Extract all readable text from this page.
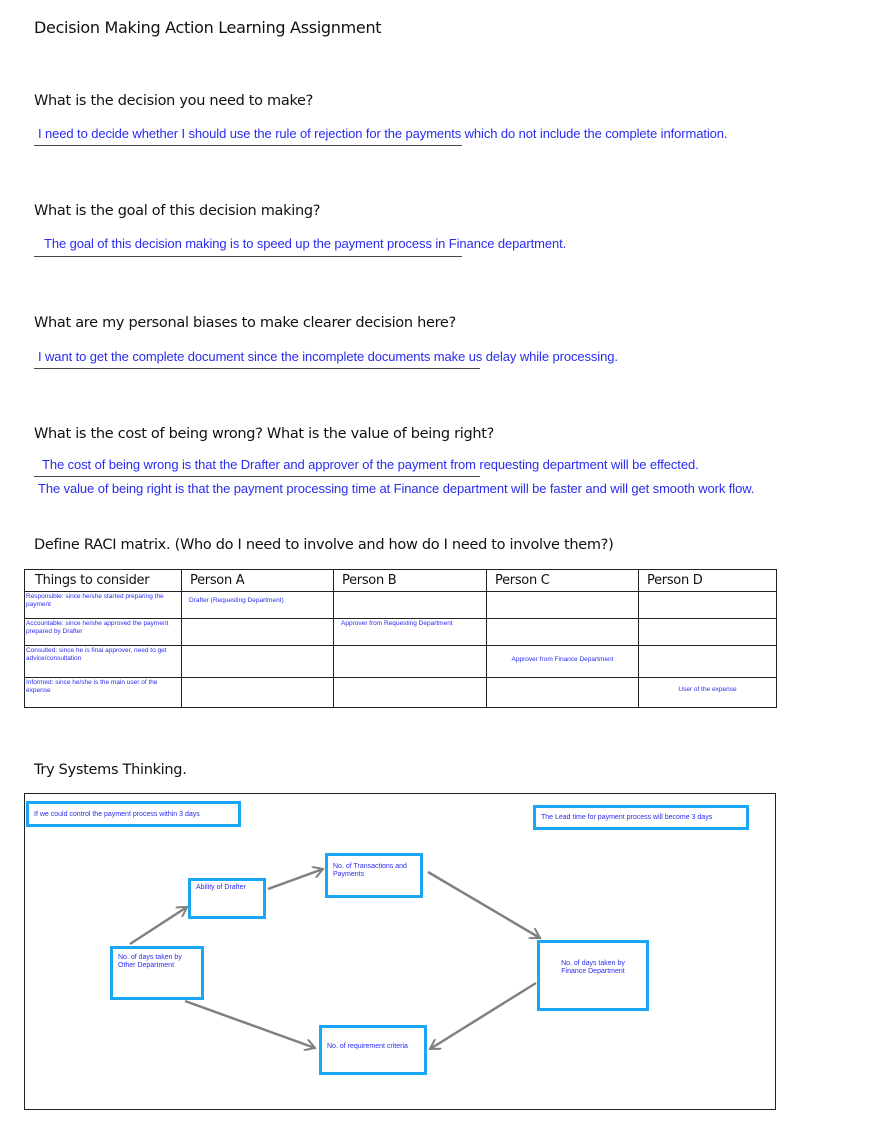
Decision Making Action Learning Assignment
What is the decision you need to make?
I need to decide whether I should use the rule of rejection for the payments which do not include the complete information.
What is the goal of this decision making?
The goal of this decision making is to speed up the payment process in Finance department.
What are my personal biases to make clearer decision here?
I want to get the complete document since the incomplete documents make us delay while processing.
What is the cost of being wrong? What is the value of being right?
The cost of being wrong is that the Drafter and approver of the payment from requesting department will be effected.
The value of being right is that the payment processing time at Finance department will be faster and will get smooth work flow.
Define RACI matrix. (Who do I need to involve and how do I need to involve them?)
Things to consider	Person A	Person B	Person C	Person D
Responsible: since he/she started preparing the payment	Drafter (Requesting Department)			
Accountable: since he/she approved the payment prepared by Drafter		Approver from Requesting Department		
Consulted: since he is final approver, need to get advice/consultation			Approver from Finance Department	
Informed: since he/she is the main user of the expense				User of the expense
Try Systems Thinking.
If we could control the payment process within 3 days	The Lead time for payment process will become 3 days
Ability of Drafter
No. of Transactions and Payments
No. of days taken by Other Department	No. of days taken by Finance Department
No. of requirement criteria
